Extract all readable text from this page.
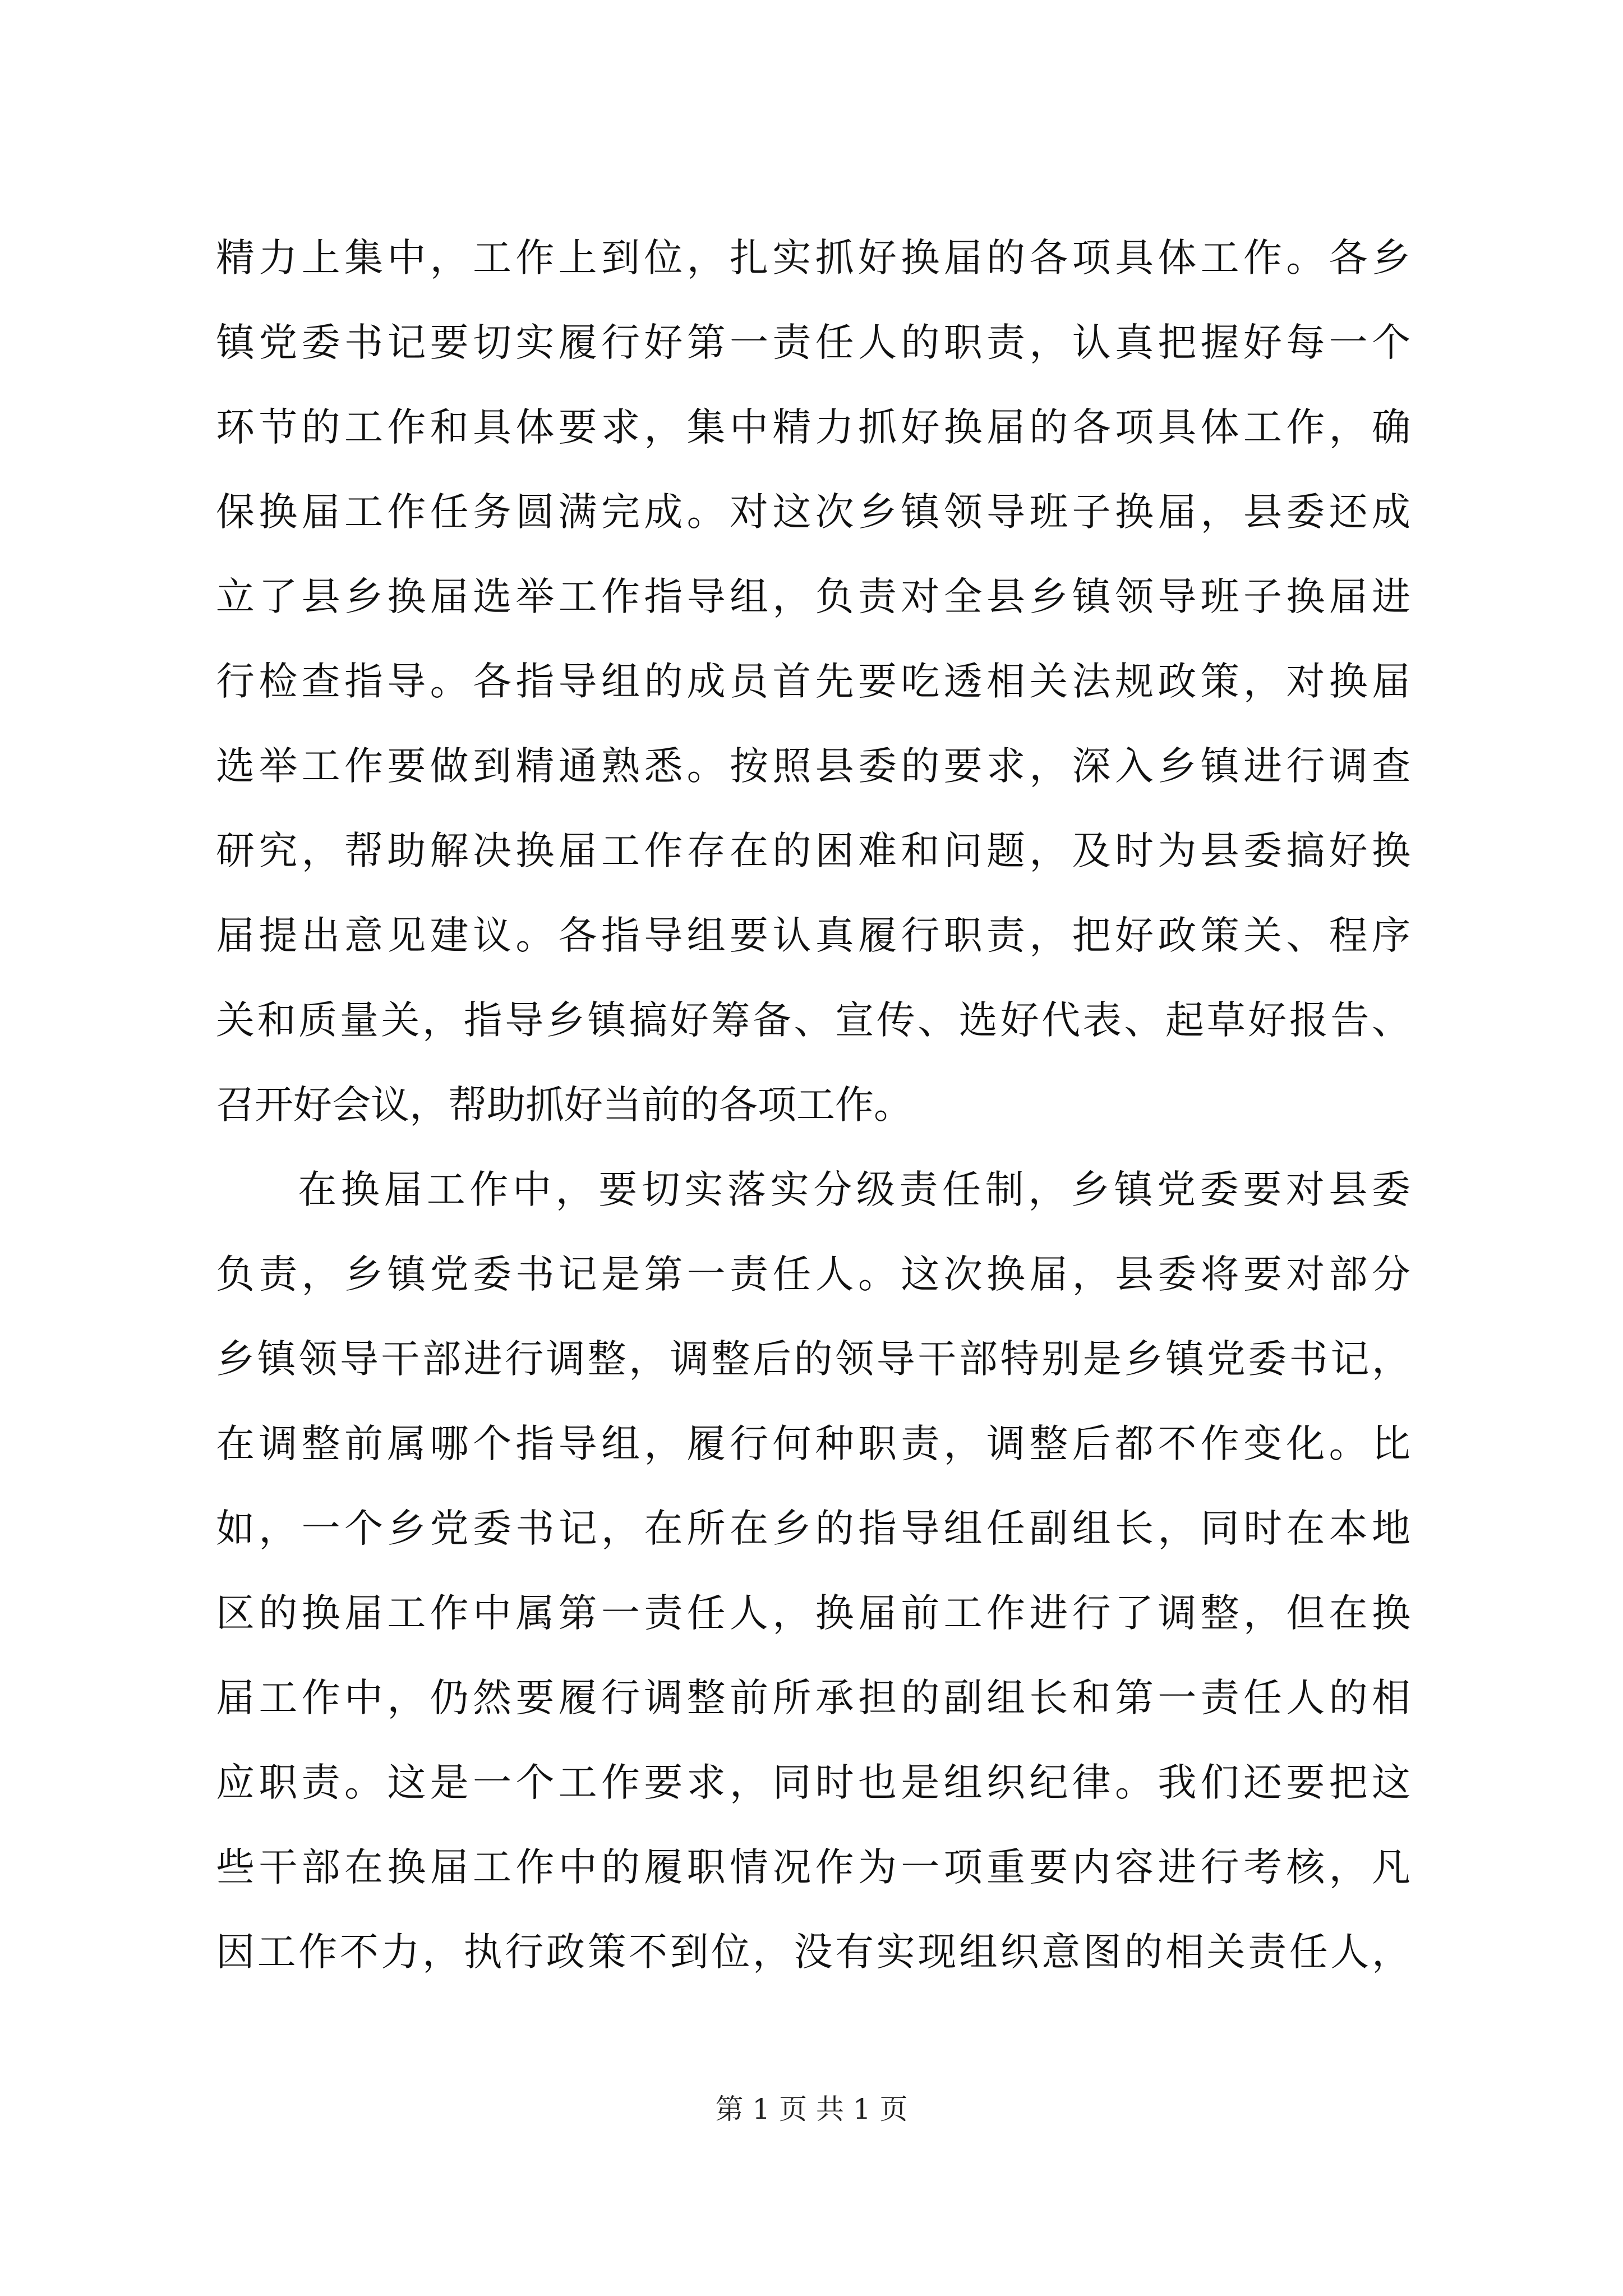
精力上集中，工作上到位，扎实抓好换届的各项具体工作。各乡
镇党委书记要切实履行好第一责任人的职责，认真把握好每一个
环节的工作和具体要求，集中精力抓好换届的各项具体工作，确
保换届工作任务圆满完成。对这次乡镇领导班子换届，县委还成
立了县乡换届选举工作指导组，负责对全县乡镇领导班子换届进
行检查指导。各指导组的成员首先要吃透相关法规政策，对换届
选举工作要做到精通熟悉。按照县委的要求，深入乡镇进行调查
研究，帮助解决换届工作存在的困难和问题，及时为县委搞好换
届提出意见建议。各指导组要认真履行职责，把好政策关、程序
关和质量关，指导乡镇搞好筹备、宣传、选好代表、起草好报告、
召开好会议，帮助抓好当前的各项工作。
在换届工作中，要切实落实分级责任制，乡镇党委要对县委
负责，乡镇党委书记是第一责任人。这次换届，县委将要对部分
乡镇领导干部进行调整，调整后的领导干部特别是乡镇党委书记，
在调整前属哪个指导组，履行何种职责，调整后都不作变化。比
如，一个乡党委书记，在所在乡的指导组任副组长，同时在本地
区的换届工作中属第一责任人，换届前工作进行了调整，但在换
届工作中，仍然要履行调整前所承担的副组长和第一责任人的相
应职责。这是一个工作要求，同时也是组织纪律。我们还要把这
些干部在换届工作中的履职情况作为一项重要内容进行考核，凡
因工作不力，执行政策不到位，没有实现组织意图的相关责任人，
第 1 页 共 1 页
